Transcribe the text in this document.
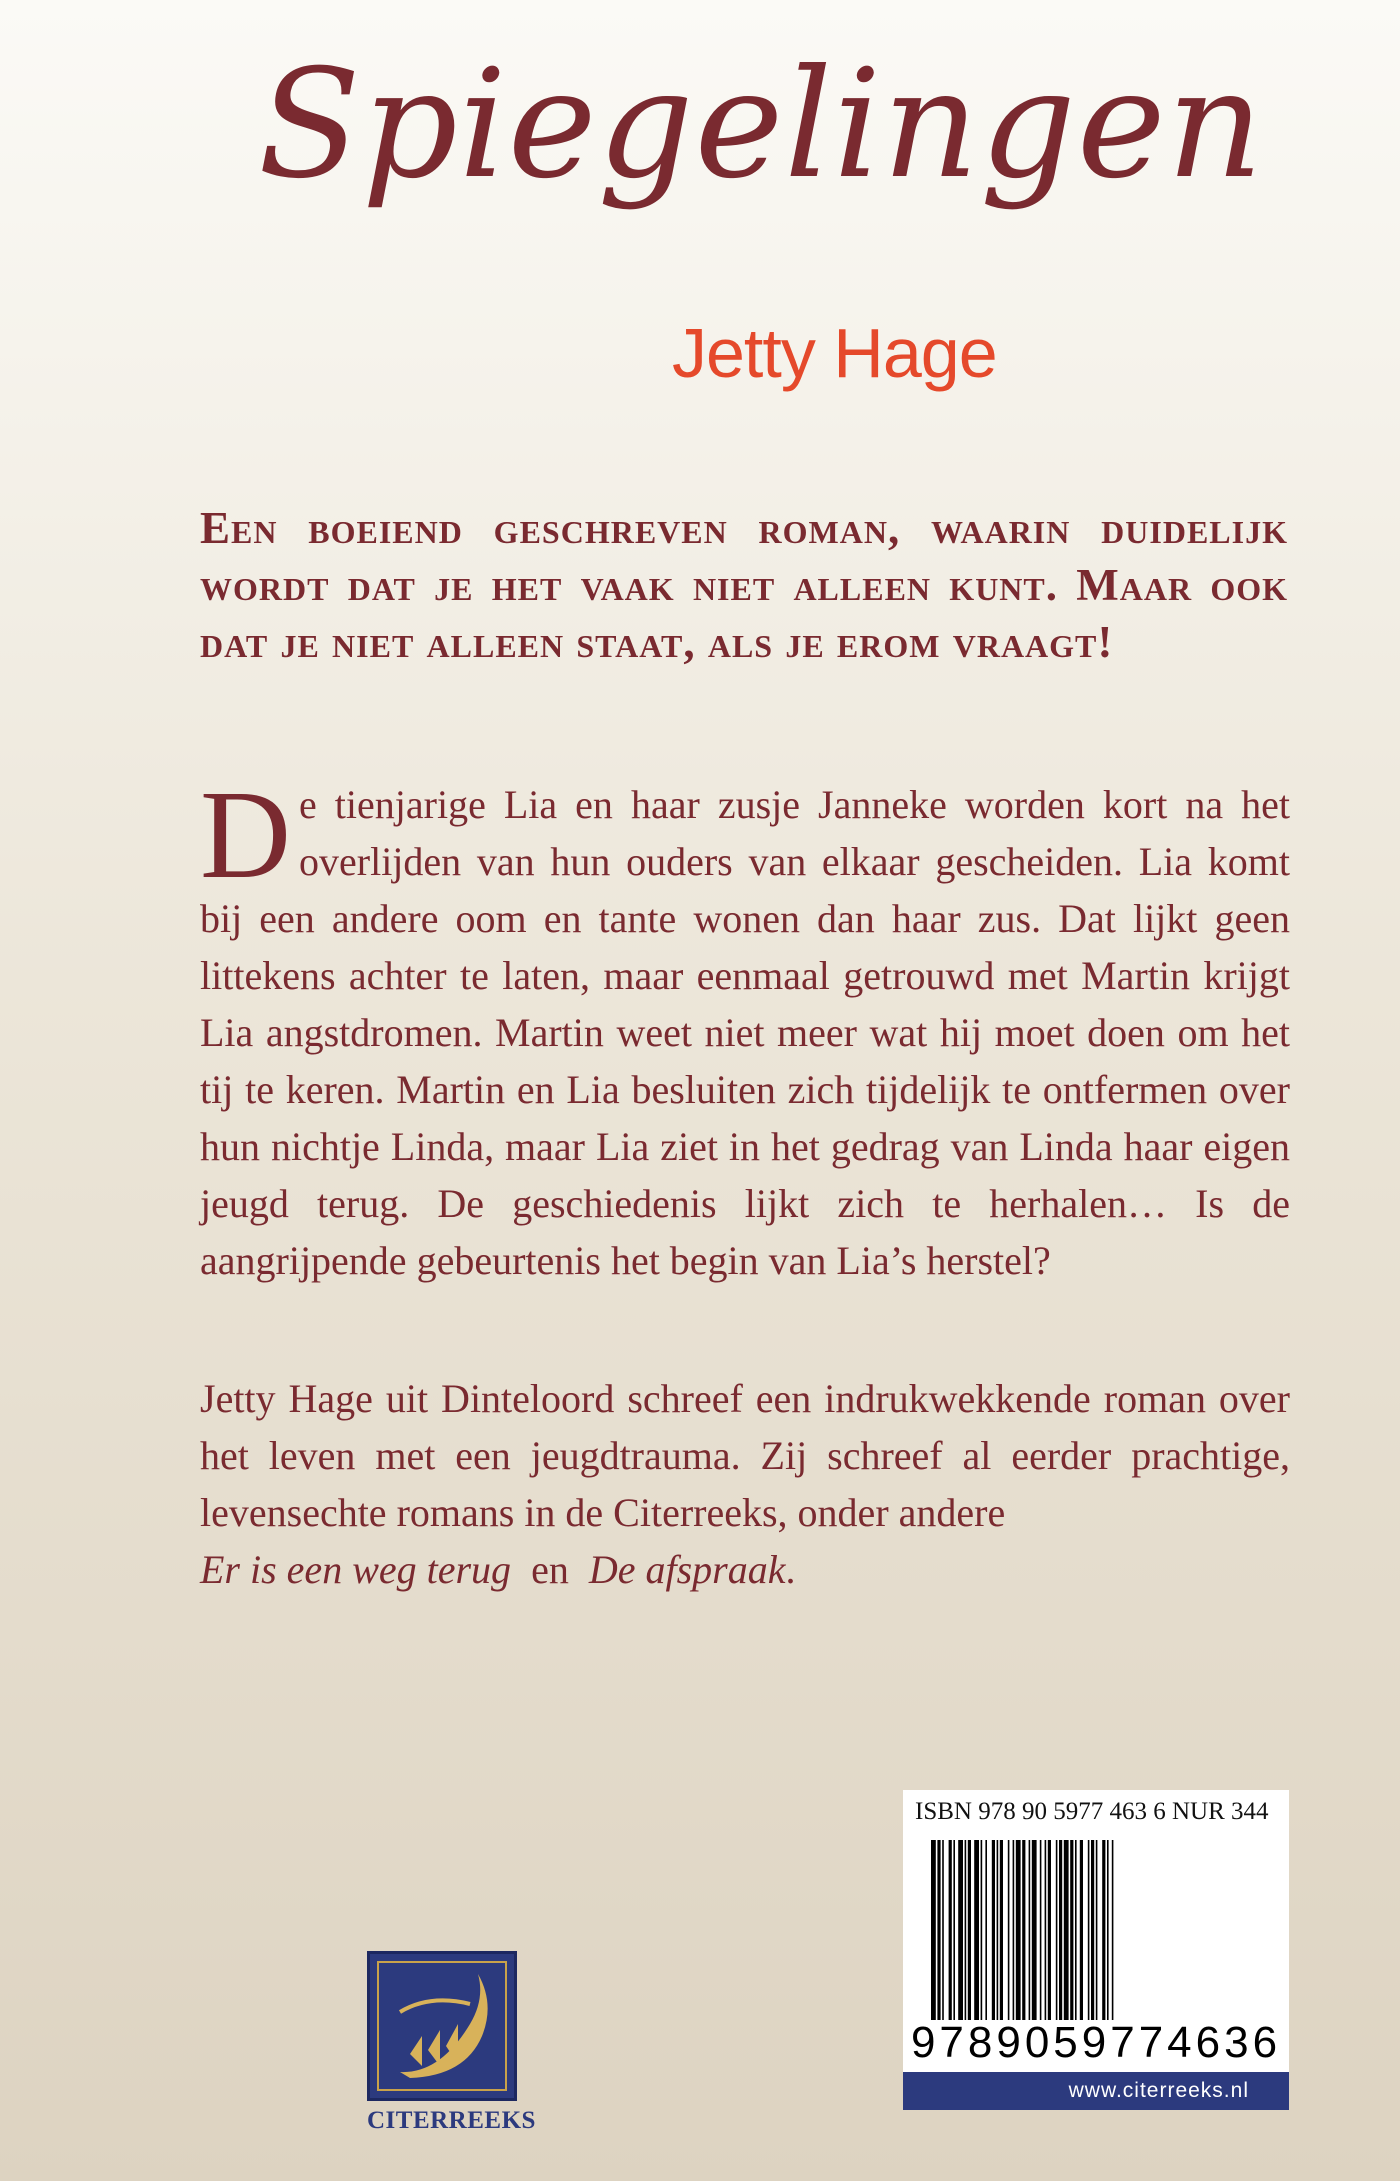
Spiegelingen
Jetty Hage
Een boeiend geschreven roman, waarin duidelijk wordt dat je het vaak niet alleen kunt. Maar ook dat je niet alleen staat, als je erom vraagt!
De tienjarige Lia en haar zusje Janneke worden kort na het overlijden van hun ouders van elkaar gescheiden. Lia komt bij een andere oom en tante wonen dan haar zus. Dat lijkt geen littekens achter te laten, maar eenmaal getrouwd met Martin krijgt Lia angstdromen. Martin weet niet meer wat hij moet doen om het tij te keren. Martin en Lia besluiten zich tijdelijk te ontfermen over hun nichtje Linda, maar Lia ziet in het gedrag van Linda haar eigen jeugd terug. De geschiedenis lijkt zich te herhalen… Is de aangrijpende gebeurtenis het begin van Lia’s herstel?
Jetty Hage uit Dinteloord schreef een indrukwekkende roman over het leven met een jeugdtrauma. Zij schreef al eerder prachtige, levensechte romans in de Citerreeks, onder andere
Er is een weg terug en De afspraak.
CITERREEKS
ISBN 978 90 5977 463 6 NUR 344
9789059774636
www.citerreeks.nl
